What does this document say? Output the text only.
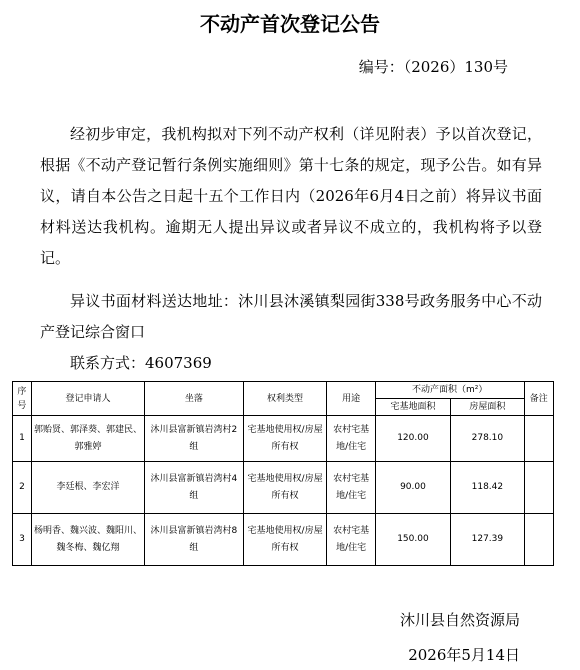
不动产首次登记公告
编号：（2026）130号
经初步审定，我机构拟对下列不动产权利（详见附表）予以首次登记，根据《不动产登记暂行条例实施细则》第十七条的规定，现予公告。如有异议，请自本公告之日起十五个工作日内（2026年6月4日之前）将异议书面材料送达我机构。逾期无人提出异议或者异议不成立的，我机构将予以登记。
异议书面材料送达地址：沐川县沐溪镇梨园街338号政务服务中心不动产登记综合窗口
联系方式：4607369
序号	登记申请人	坐落	权利类型	用途	不动产面积（m²）		备注
					宅基地面积	房屋面积	
1	郭贻贤、郭泽葵、郭建民、郭雅婷	沐川县富新镇岩湾村2组	宅基地使用权/房屋所有权	农村宅基地/住宅	120.00	278.10	
2	李廷根、李宏洋	沐川县富新镇岩湾村4组	宅基地使用权/房屋所有权	农村宅基地/住宅	90.00	118.42	
3	杨明香、魏兴波、魏阳川、魏冬梅、魏亿翔	沐川县富新镇岩湾村8组	宅基地使用权/房屋所有权	农村宅基地/住宅	150.00	127.39	
沐川县自然资源局
2026年5月14日
